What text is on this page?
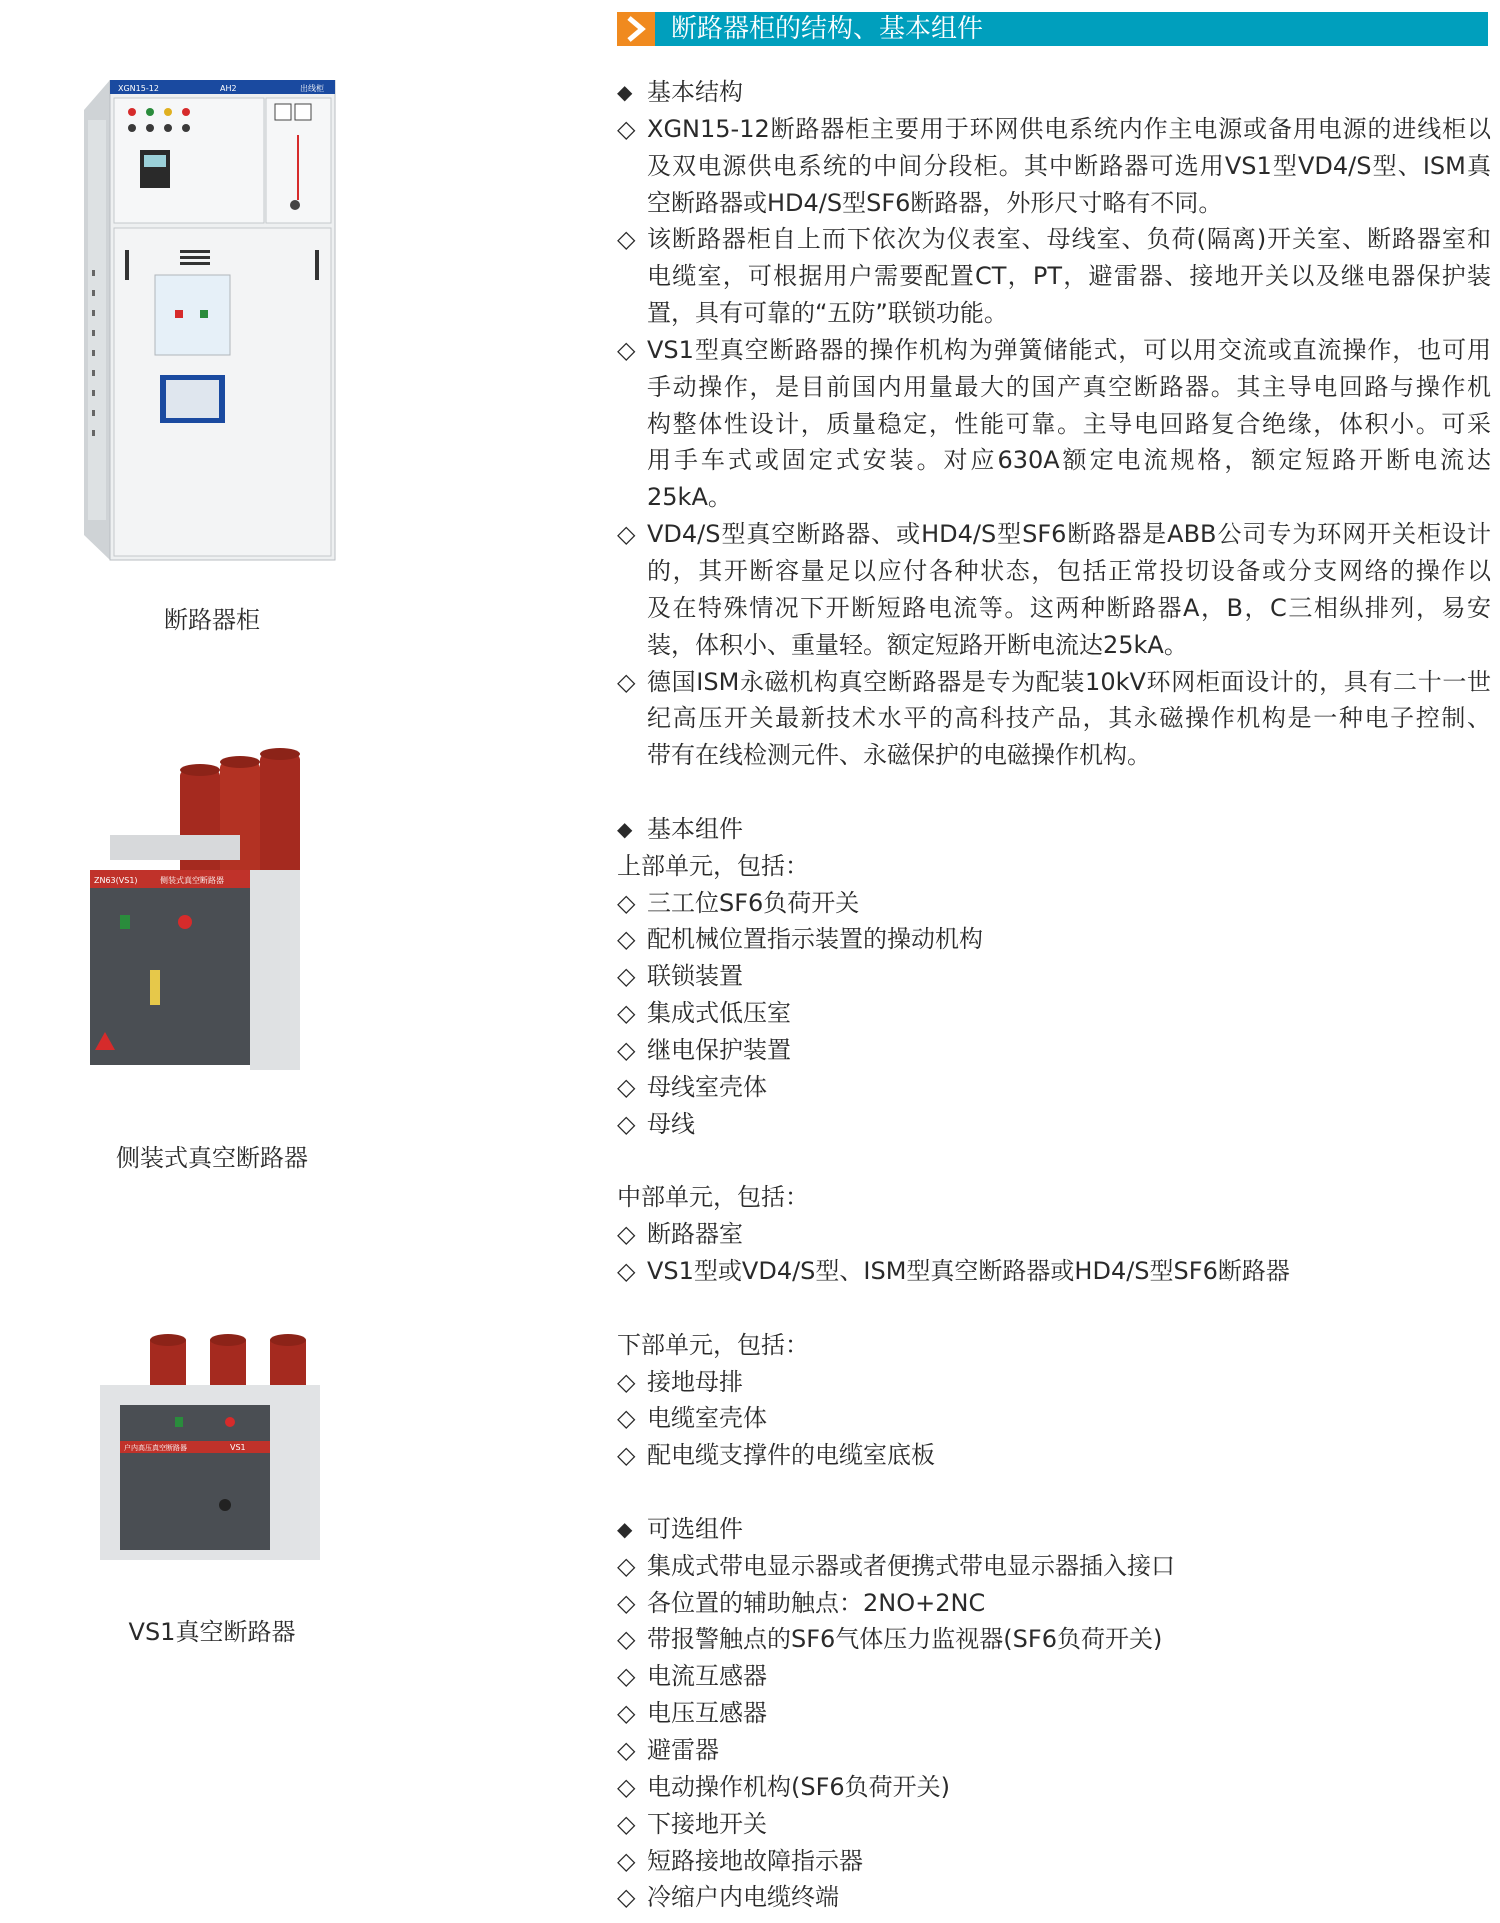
断路器柜的结构、基本组件
XGN15-12	AH2	出线柜
断路器柜
ZN63(VS1)	侧装式真空断路器
侧装式真空断路器
户内高压真空断路器	VS1
VS1真空断路器
◆ 基本结构
◇ XGN15-12断路器柜主要用于环网供电系统内作主电源或备用电源的进线柜以
及双电源供电系统的中间分段柜。其中断路器可选用VS1型VD4/S型、ISM真
空断路器或HD4/S型SF6断路器，外形尺寸略有不同。
◇ 该断路器柜自上而下依次为仪表室、母线室、负荷(隔离)开关室、断路器室和
电缆室，可根据用户需要配置CT，PT，避雷器、接地开关以及继电器保护装
置，具有可靠的“五防”联锁功能。
◇ VS1型真空断路器的操作机构为弹簧储能式，可以用交流或直流操作，也可用
手动操作，是目前国内用量最大的国产真空断路器。其主导电回路与操作机
构整体性设计，质量稳定，性能可靠。主导电回路复合绝缘，体积小。可采
用手车式或固定式安装。对应630A额定电流规格，额定短路开断电流达
25kA。
◇ VD4/S型真空断路器、或HD4/S型SF6断路器是ABB公司专为环网开关柜设计
的，其开断容量足以应付各种状态，包括正常投切设备或分支网络的操作以
及在特殊情况下开断短路电流等。这两种断路器A，B，C三相纵排列，易安
装，体积小、重量轻。额定短路开断电流达25kA。
◇ 德国ISM永磁机构真空断路器是专为配装10kV环网柜面设计的，具有二十一世
纪高压开关最新技术水平的高科技产品，其永磁操作机构是一种电子控制、
带有在线检测元件、永磁保护的电磁操作机构。
◆ 基本组件
上部单元，包括：
◇ 三工位SF6负荷开关
◇ 配机械位置指示装置的操动机构
◇ 联锁装置
◇ 集成式低压室
◇ 继电保护装置
◇ 母线室壳体
◇ 母线
中部单元，包括：
◇ 断路器室
◇ VS1型或VD4/S型、ISM型真空断路器或HD4/S型SF6断路器
下部单元，包括：
◇ 接地母排
◇ 电缆室壳体
◇ 配电缆支撑件的电缆室底板
◆ 可选组件
◇ 集成式带电显示器或者便携式带电显示器插入接口
◇ 各位置的辅助触点：2NO+2NC
◇ 带报警触点的SF6气体压力监视器(SF6负荷开关)
◇ 电流互感器
◇ 电压互感器
◇ 避雷器
◇ 电动操作机构(SF6负荷开关)
◇ 下接地开关
◇ 短路接地故障指示器
◇ 冷缩户内电缆终端
